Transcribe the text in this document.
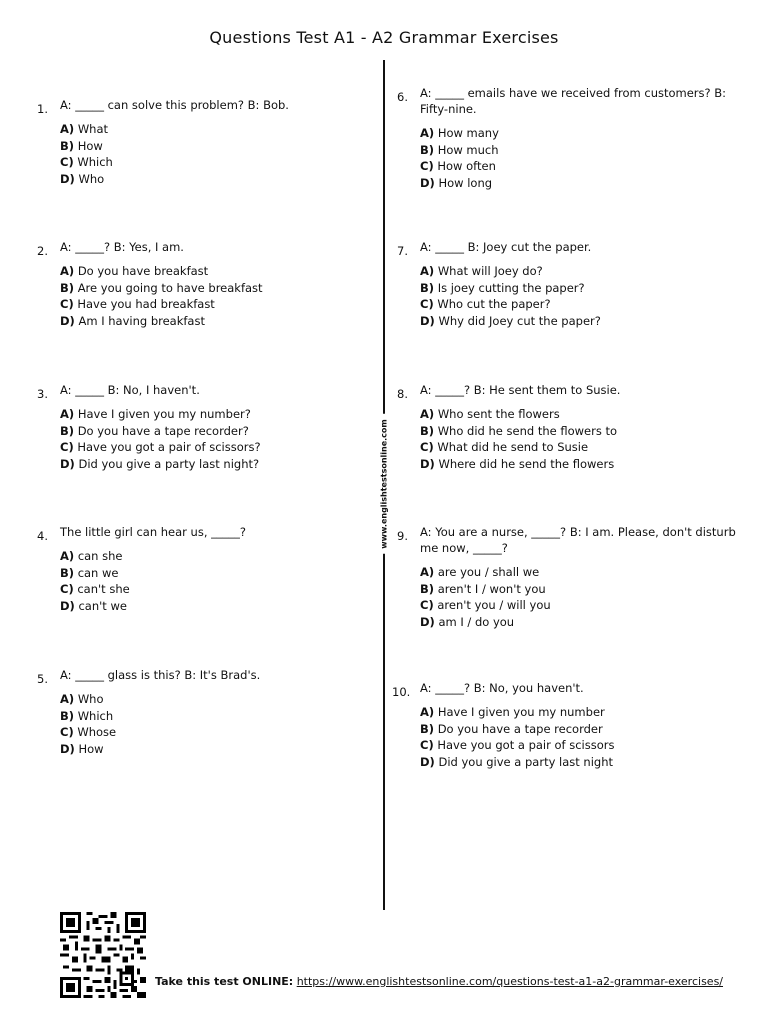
Questions Test A1 - A2 Grammar Exercises
www.englishtestsonline.com
1. A: _____ can solve this problem? B: Bob.
A) What
B) How
C) Which
D) Who
2. A: _____? B: Yes, I am.
A) Do you have breakfast
B) Are you going to have breakfast
C) Have you had breakfast
D) Am I having breakfast
3. A: _____ B: No, I haven't.
A) Have I given you my number?
B) Do you have a tape recorder?
C) Have you got a pair of scissors?
D) Did you give a party last night?
4. The little girl can hear us, _____?
A) can she
B) can we
C) can't she
D) can't we
5. A: _____ glass is this? B: It's Brad's.
A) Who
B) Which
C) Whose
D) How
6. A: _____ emails have we received from customers? B: Fifty-nine.
A) How many
B) How much
C) How often
D) How long
7. A: _____ B: Joey cut the paper.
A) What will Joey do?
B) Is joey cutting the paper?
C) Who cut the paper?
D) Why did Joey cut the paper?
8. A: _____? B: He sent them to Susie.
A) Who sent the flowers
B) Who did he send the flowers to
C) What did he send to Susie
D) Where did he send the flowers
9. A: You are a nurse, _____? B: I am. Please, don't disturb me now, _____?
A) are you / shall we
B) aren't I / won't you
C) aren't you / will you
D) am I / do you
10. A: _____? B: No, you haven't.
A) Have I given you my number
B) Do you have a tape recorder
C) Have you got a pair of scissors
D) Did you give a party last night
Take this test ONLINE: https://www.englishtestsonline.com/questions-test-a1-a2-grammar-exercises/
